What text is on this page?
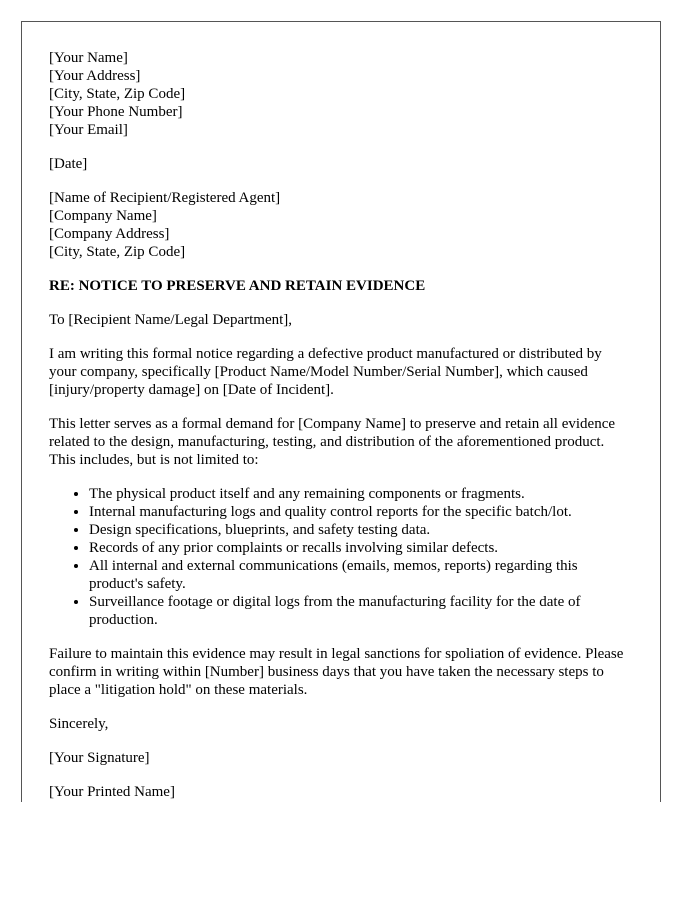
[Your Name]
[Your Address]
[City, State, Zip Code]
[Your Phone Number]
[Your Email]
[Date]
[Name of Recipient/Registered Agent]
[Company Name]
[Company Address]
[City, State, Zip Code]
RE: NOTICE TO PRESERVE AND RETAIN EVIDENCE

To [Recipient Name/Legal Department],

I am writing this formal notice regarding a defective product manufactured or distributed by your company, specifically [Product Name/Model Number/Serial Number], which caused [injury/property damage] on [Date of Incident].

This letter serves as a formal demand for [Company Name] to preserve and retain all evidence related to the design, manufacturing, testing, and distribution of the aforementioned product. This includes, but is not limited to:

• The physical product itself and any remaining components or fragments.
• Internal manufacturing logs and quality control reports for the specific batch/lot.
• Design specifications, blueprints, and safety testing data.
• Records of any prior complaints or recalls involving similar defects.
• All internal and external communications (emails, memos, reports) regarding this product's safety.
• Surveillance footage or digital logs from the manufacturing facility for the date of production.

Failure to maintain this evidence may result in legal sanctions for spoliation of evidence. Please confirm in writing within [Number] business days that you have taken the necessary steps to place a "litigation hold" on these materials.

Sincerely,

[Your Signature]

[Your Printed Name]
